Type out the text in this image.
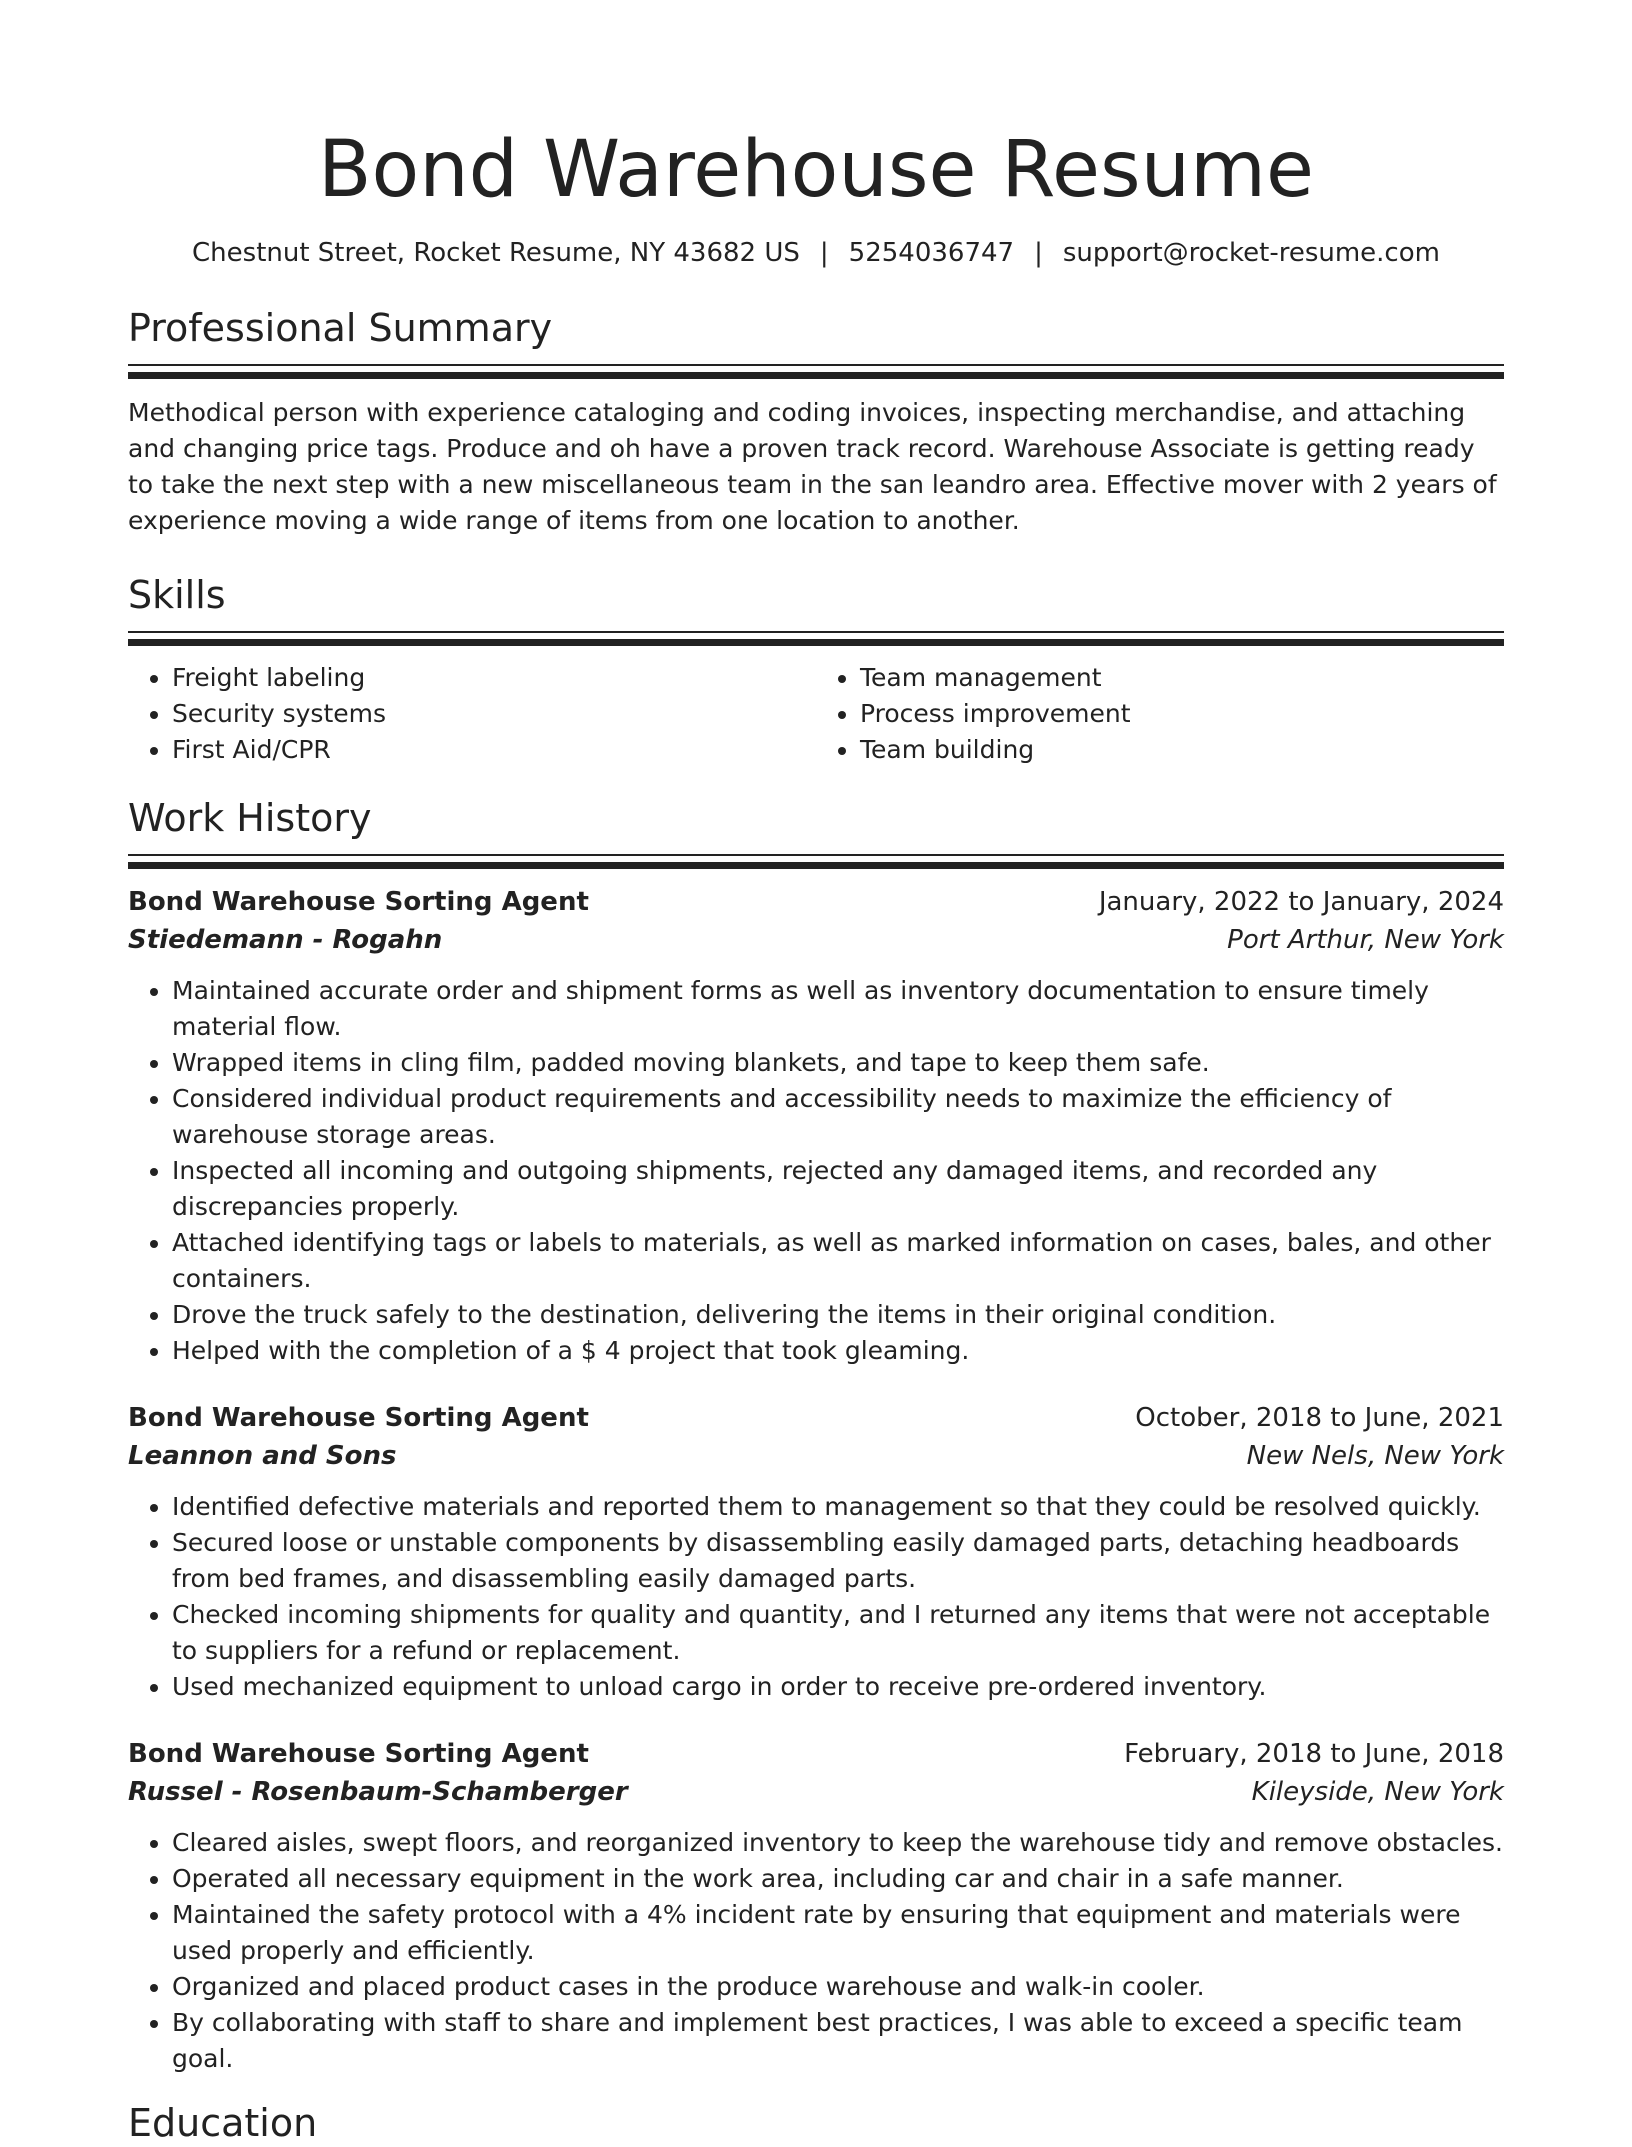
Bond Warehouse Resume
Chestnut Street, Rocket Resume, NY 43682 US | 5254036747 | support@rocket-resume.com
Professional Summary
Methodical person with experience cataloging and coding invoices, inspecting merchandise, and attaching and changing price tags. Produce and oh have a proven track record. Warehouse Associate is getting ready to take the next step with a new miscellaneous team in the san leandro area. Effective mover with 2 years of experience moving a wide range of items from one location to another.
Skills
• Freight labeling
• Security systems
• First Aid/CPR
• Team management
• Process improvement
• Team building
Work History
Bond Warehouse Sorting Agent	January, 2022 to January, 2024
Stiedemann - Rogahn	Port Arthur, New York
• Maintained accurate order and shipment forms as well as inventory documentation to ensure timely material flow.
• Wrapped items in cling film, padded moving blankets, and tape to keep them safe.
• Considered individual product requirements and accessibility needs to maximize the efficiency of warehouse storage areas.
• Inspected all incoming and outgoing shipments, rejected any damaged items, and recorded any discrepancies properly.
• Attached identifying tags or labels to materials, as well as marked information on cases, bales, and other containers.
• Drove the truck safely to the destination, delivering the items in their original condition.
• Helped with the completion of a $ 4 project that took gleaming.
Bond Warehouse Sorting Agent	October, 2018 to June, 2021
Leannon and Sons	New Nels, New York
• Identified defective materials and reported them to management so that they could be resolved quickly.
• Secured loose or unstable components by disassembling easily damaged parts, detaching headboards from bed frames, and disassembling easily damaged parts.
• Checked incoming shipments for quality and quantity, and I returned any items that were not acceptable to suppliers for a refund or replacement.
• Used mechanized equipment to unload cargo in order to receive pre-ordered inventory.
Bond Warehouse Sorting Agent	February, 2018 to June, 2018
Russel - Rosenbaum-Schamberger	Kileyside, New York
• Cleared aisles, swept floors, and reorganized inventory to keep the warehouse tidy and remove obstacles.
• Operated all necessary equipment in the work area, including car and chair in a safe manner.
• Maintained the safety protocol with a 4% incident rate by ensuring that equipment and materials were used properly and efficiently.
• Organized and placed product cases in the produce warehouse and walk-in cooler.
• By collaborating with staff to share and implement best practices, I was able to exceed a specific team goal.
Education
